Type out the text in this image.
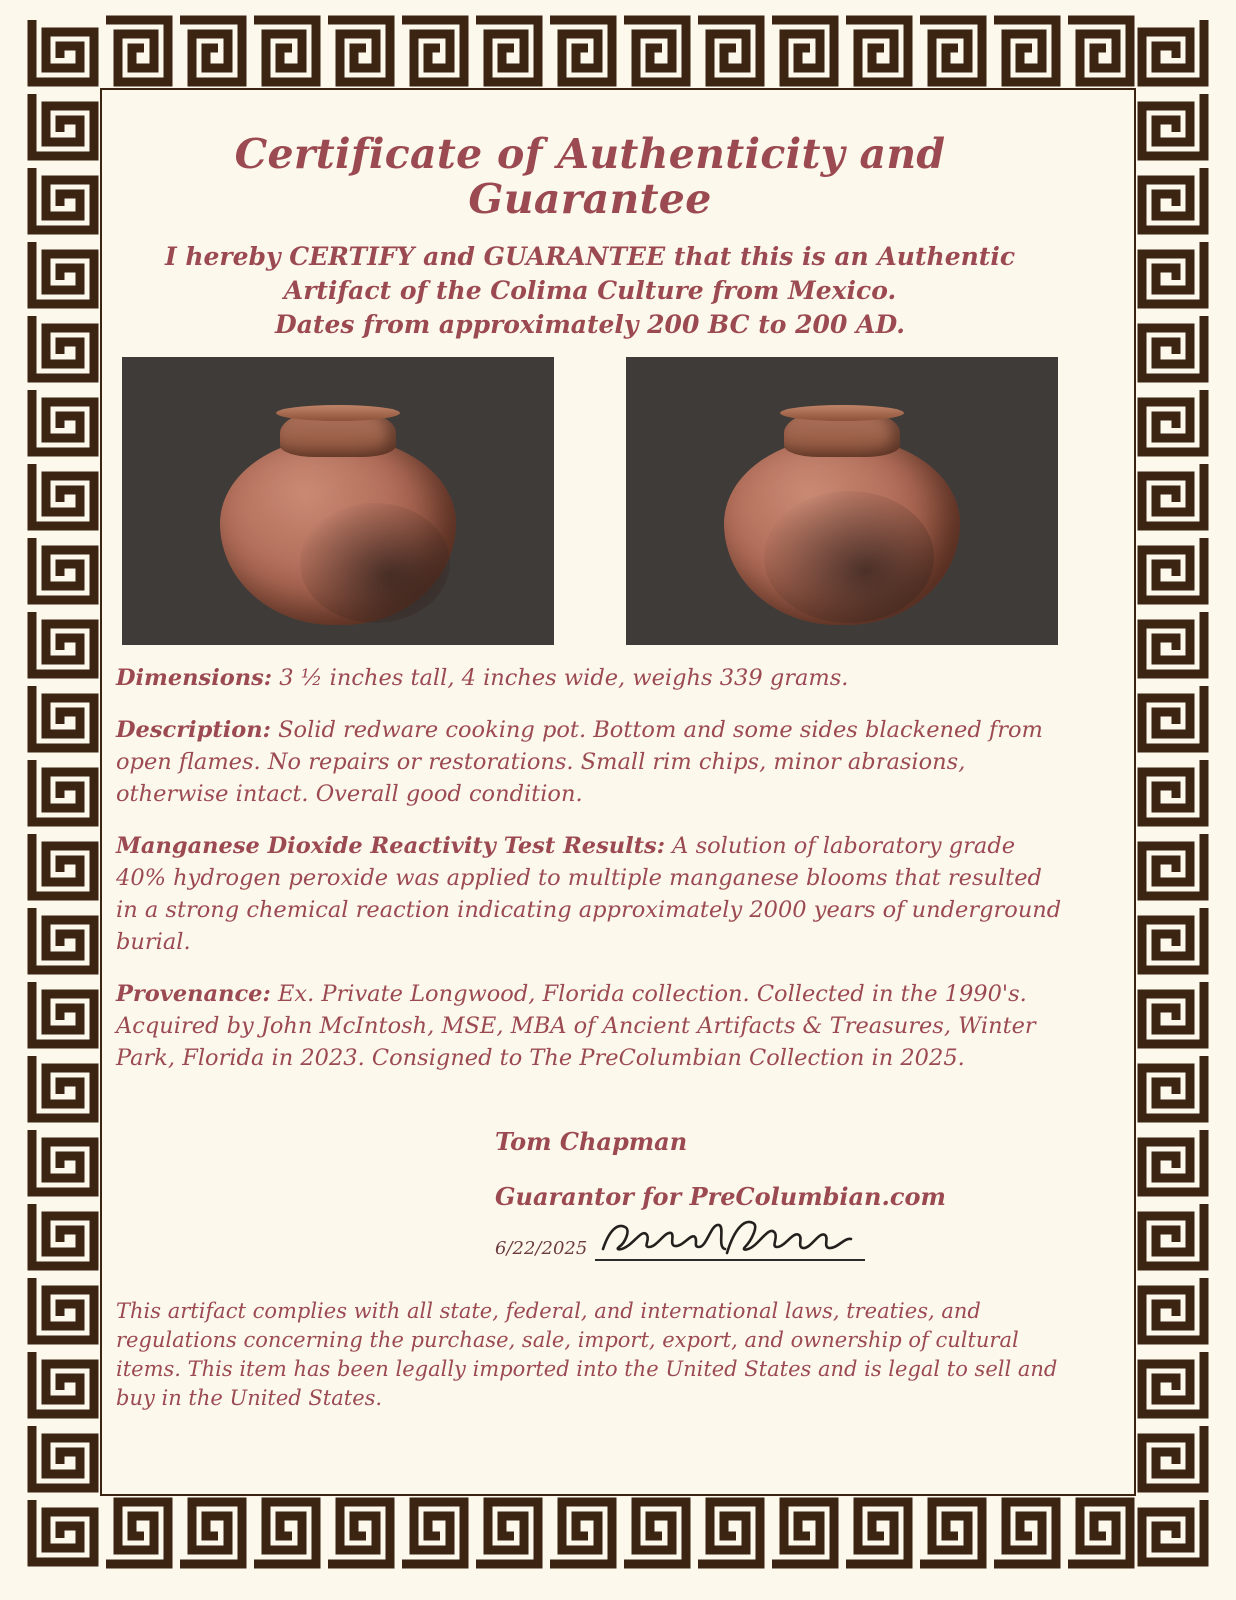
Certificate of Authenticity and Guarantee
I hereby CERTIFY and GUARANTEE that this is an Authentic
Artifact of the Colima Culture from Mexico.
Dates from approximately 200 BC to 200 AD.
Dimensions: 3 ½ inches tall, 4 inches wide, weighs 339 grams.
Description: Solid redware cooking pot. Bottom and some sides blackened from open flames. No repairs or restorations. Small rim chips, minor abrasions, otherwise intact. Overall good condition.
Manganese Dioxide Reactivity Test Results: A solution of laboratory grade 40% hydrogen peroxide was applied to multiple manganese blooms that resulted in a strong chemical reaction indicating approximately 2000 years of underground burial.
Provenance: Ex. Private Longwood, Florida collection. Collected in the 1990's. Acquired by John McIntosh, MSE, MBA of Ancient Artifacts & Treasures, Winter Park, Florida in 2023. Consigned to The PreColumbian Collection in 2025.
Tom Chapman
Guarantor for PreColumbian.com
6/22/2025
This artifact complies with all state, federal, and international laws, treaties, and regulations concerning the purchase, sale, import, export, and ownership of cultural items. This item has been legally imported into the United States and is legal to sell and buy in the United States.
